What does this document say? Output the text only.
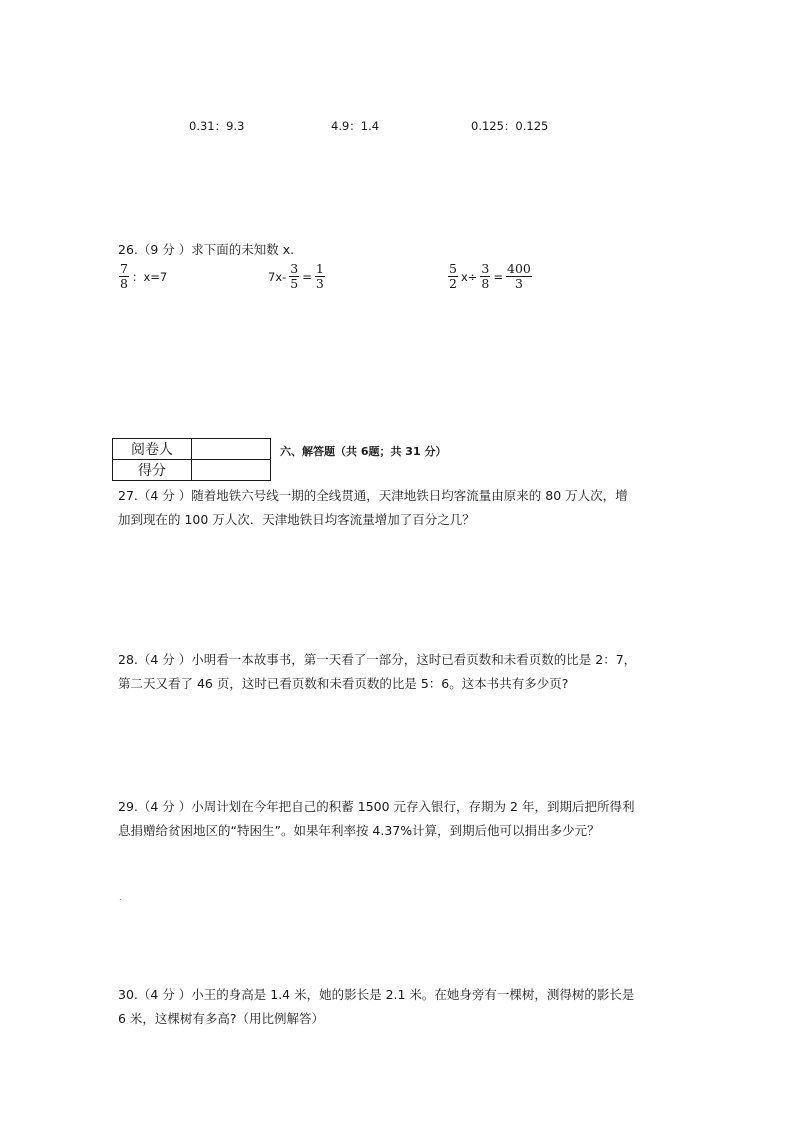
0.31：9.3	4.9：1.4	0.125：0.125
26.（9 分 ）求下面的未知数 x.
$\frac{7}{8}$ ：x=7	$7x- \frac{3}{5} = \frac{1}{3}$	$\frac{5}{2} x\div \frac{3}{8} = \frac{400}{3}$
阅卷人	
得分	
六、解答题（共 6题；共 31 分）
27.（4 分 ）随着地铁六号线一期的全线贯通，天津地铁日均客流量由原来的 80 万人次，增
加到现在的 100 万人次．天津地铁日均客流量增加了百分之几？
28.（4 分 ）小明看一本故事书，第一天看了一部分，这时已看页数和未看页数的比是 2：7，
第二天又看了 46 页，这时已看页数和未看页数的比是 5：6。这本书共有多少页?
29.（4 分 ）小周计划在今年把自己的积蓄 1500 元存入银行，存期为 2 年，到期后把所得利
息捐赠给贫困地区的“特困生”。如果年利率按 4.37%计算，到期后他可以捐出多少元？
.
30.（4 分 ）小王的身高是 1.4 米，她的影长是 2.1 米。在她身旁有一棵树，测得树的影长是
6 米，这棵树有多高?（用比例解答）
